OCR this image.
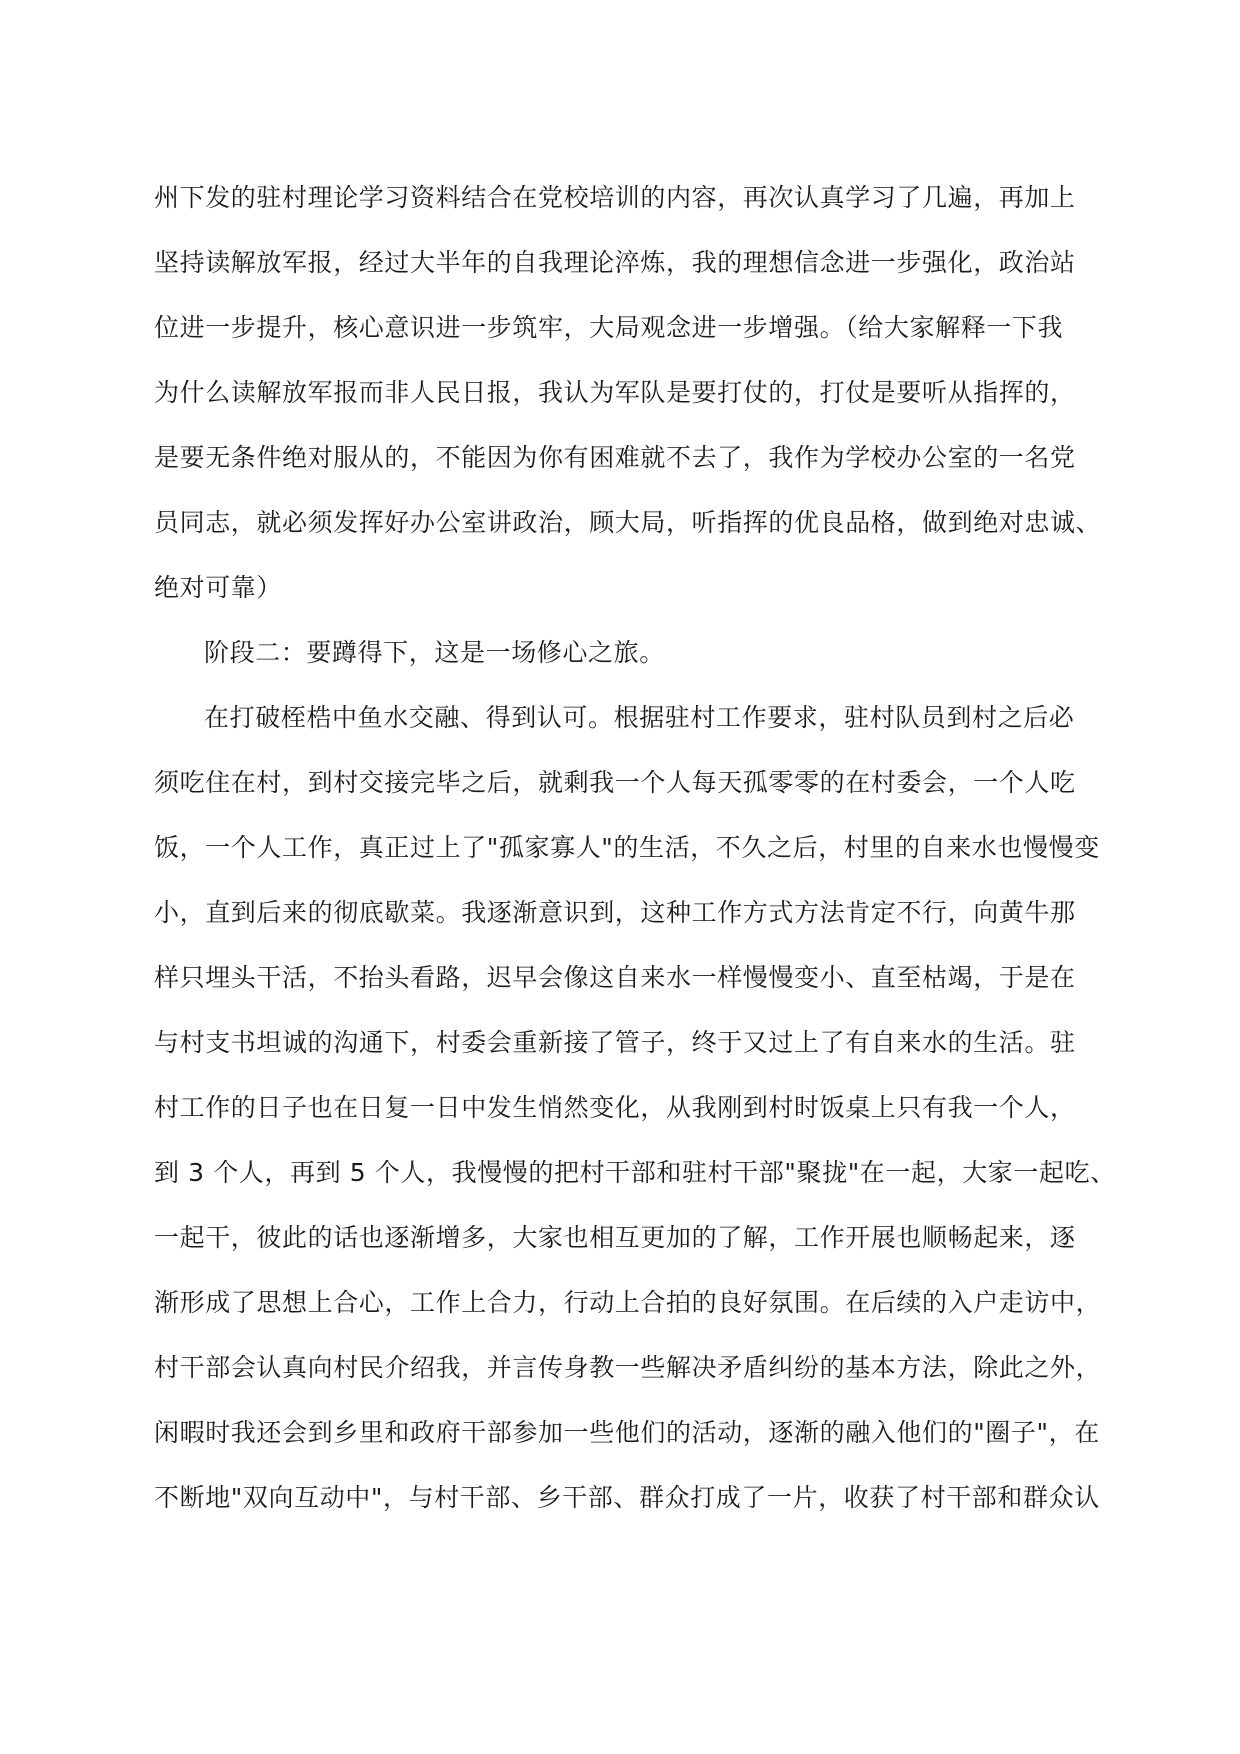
州下发的驻村理论学习资料结合在党校培训的内容，再次认真学习了几遍，再加上
坚持读解放军报，经过大半年的自我理论淬炼，我的理想信念进一步强化，政治站
位进一步提升，核心意识进一步筑牢，大局观念进一步增强。（给大家解释一下我
为什么读解放军报而非人民日报，我认为军队是要打仗的，打仗是要听从指挥的，
是要无条件绝对服从的，不能因为你有困难就不去了，我作为学校办公室的一名党
员同志，就必须发挥好办公室讲政治，顾大局，听指挥的优良品格，做到绝对忠诚、
绝对可靠）
阶段二：要蹲得下，这是一场修心之旅。
在打破桎梏中鱼水交融、得到认可。根据驻村工作要求，驻村队员到村之后必
须吃住在村，到村交接完毕之后，就剩我一个人每天孤零零的在村委会，一个人吃
饭，一个人工作，真正过上了"孤家寡人"的生活，不久之后，村里的自来水也慢慢变
小，直到后来的彻底歇菜。我逐渐意识到，这种工作方式方法肯定不行，向黄牛那
样只埋头干活，不抬头看路，迟早会像这自来水一样慢慢变小、直至枯竭，于是在
与村支书坦诚的沟通下，村委会重新接了管子，终于又过上了有自来水的生活。驻
村工作的日子也在日复一日中发生悄然变化，从我刚到村时饭桌上只有我一个人，
到 3 个人，再到 5 个人，我慢慢的把村干部和驻村干部"聚拢"在一起，大家一起吃、
一起干，彼此的话也逐渐增多，大家也相互更加的了解，工作开展也顺畅起来，逐
渐形成了思想上合心，工作上合力，行动上合拍的良好氛围。在后续的入户走访中，
村干部会认真向村民介绍我，并言传身教一些解决矛盾纠纷的基本方法，除此之外，
闲暇时我还会到乡里和政府干部参加一些他们的活动，逐渐的融入他们的"圈子"，在
不断地"双向互动中"，与村干部、乡干部、群众打成了一片，收获了村干部和群众认
